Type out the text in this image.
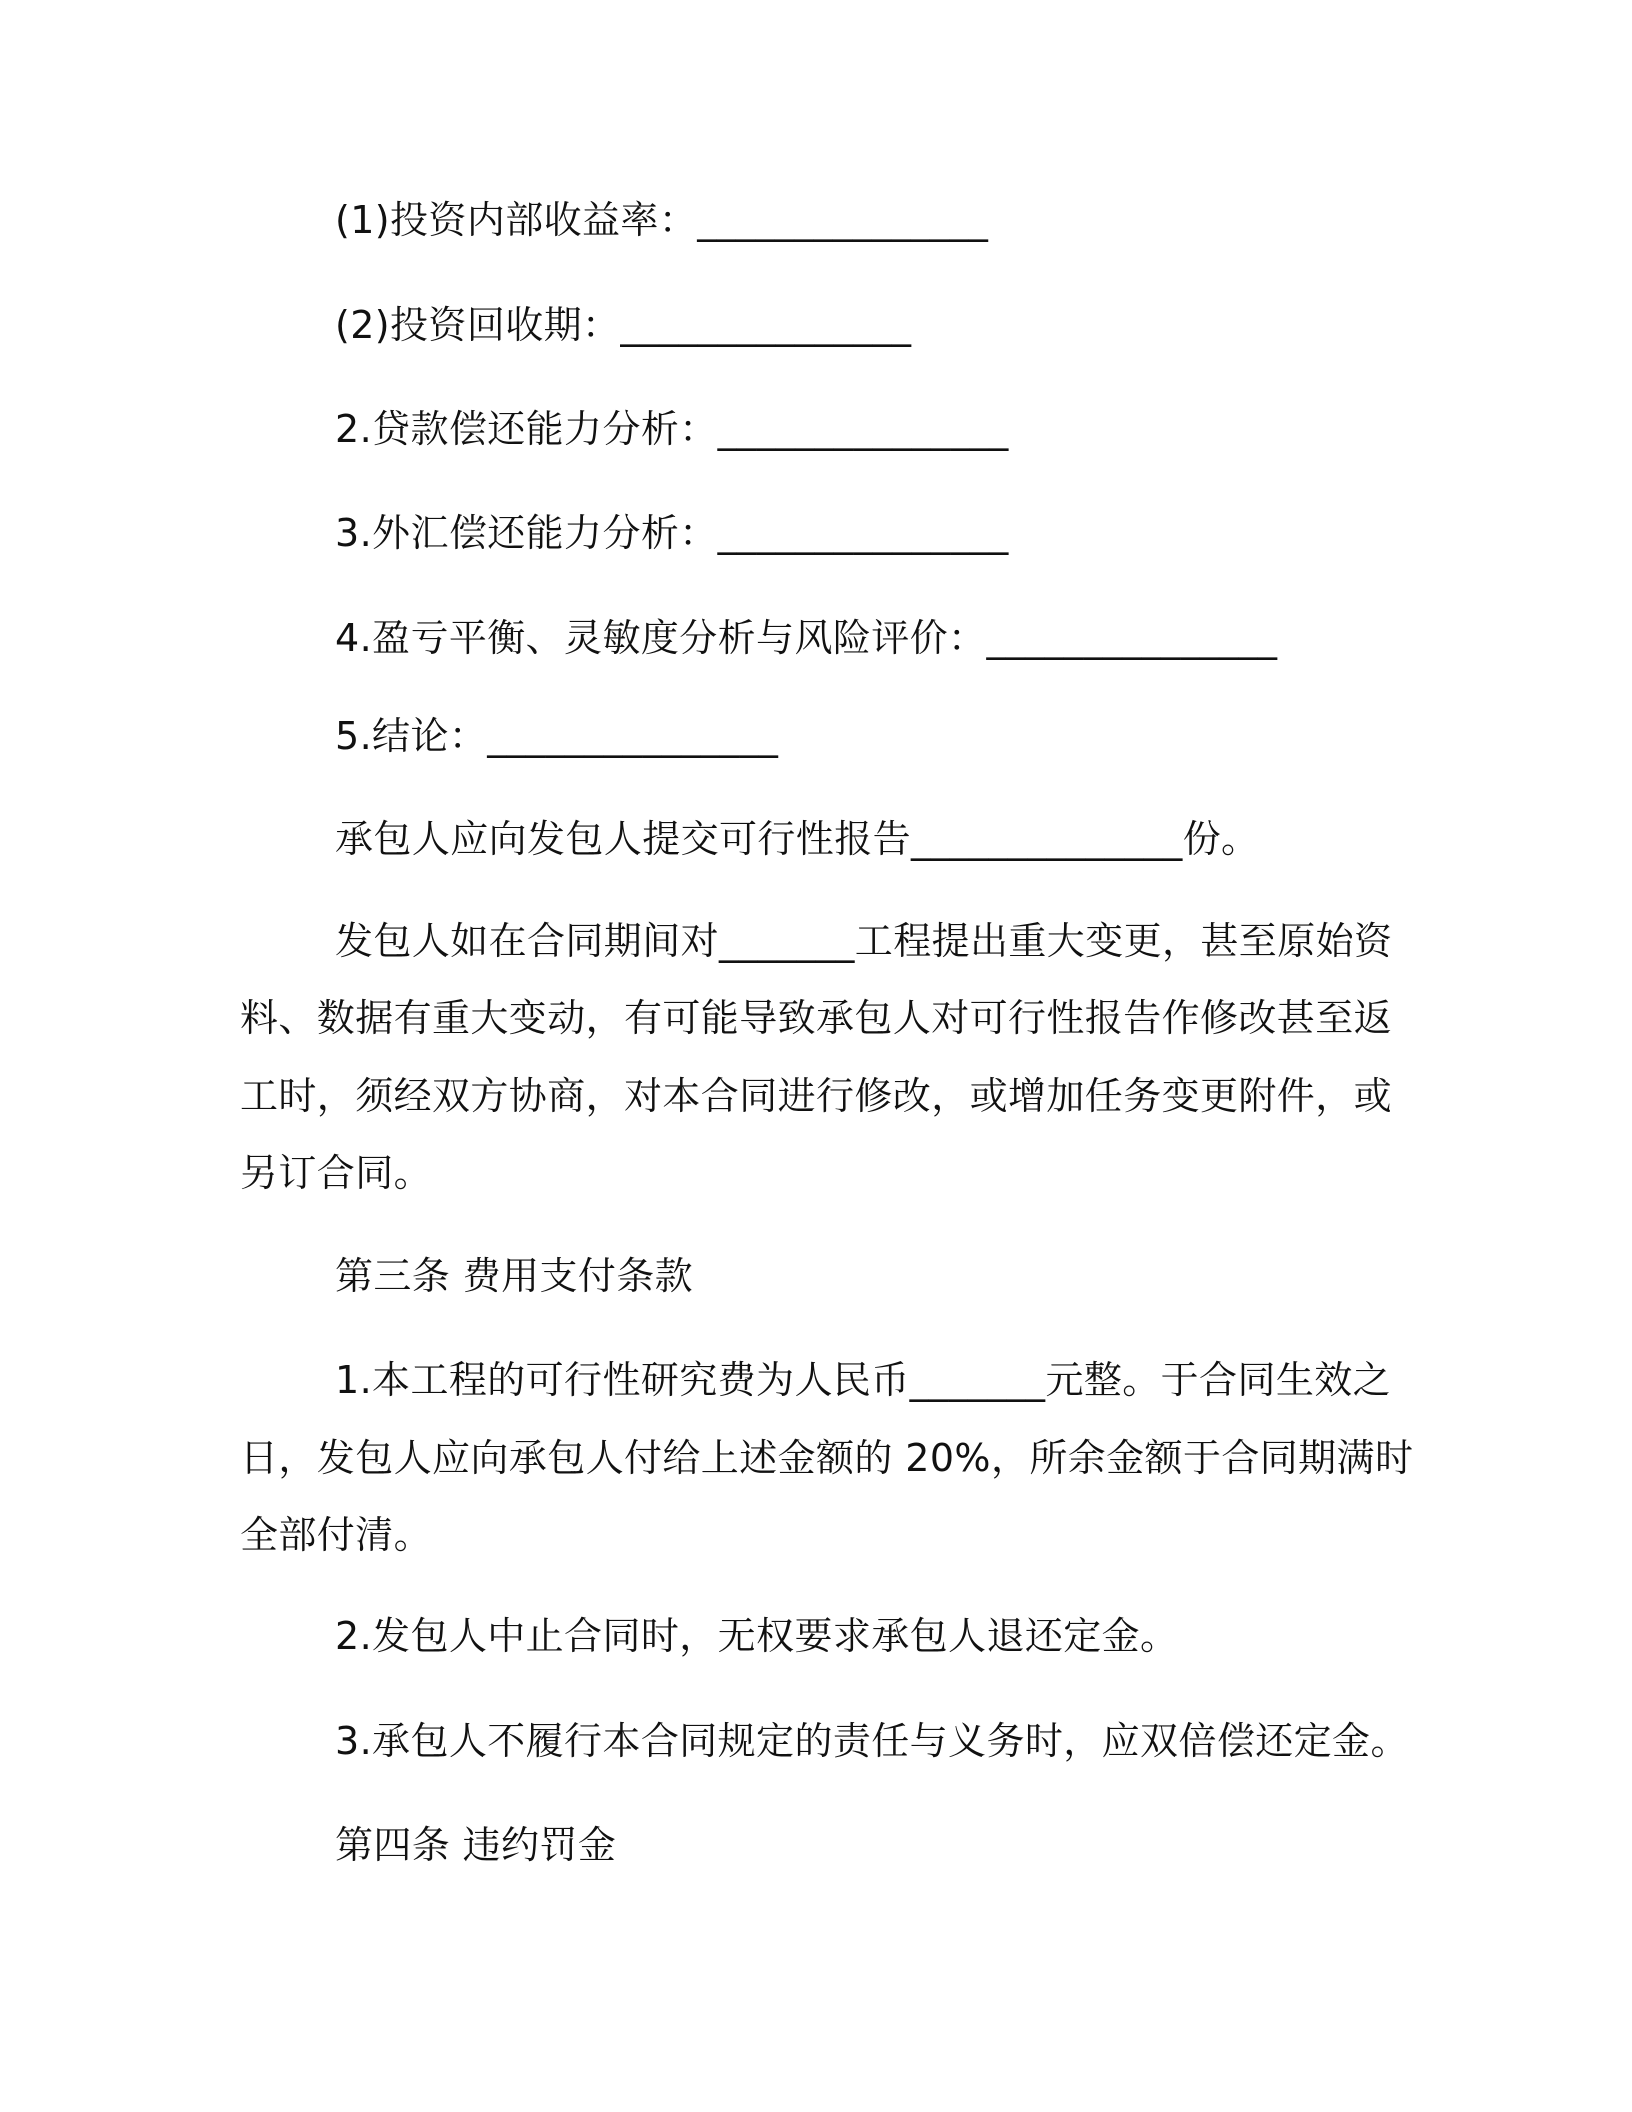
(1)投资内部收益率：_______________
(2)投资回收期：_______________
2.贷款偿还能力分析：_______________
3.外汇偿还能力分析：_______________
4.盈亏平衡、灵敏度分析与风险评价：_______________
5.结论：_______________
承包人应向发包人提交可行性报告______________份。
发包人如在合同期间对_______工程提出重大变更，甚至原始资
料、数据有重大变动，有可能导致承包人对可行性报告作修改甚至返
工时，须经双方协商，对本合同进行修改，或增加任务变更附件，或
另订合同。
第三条 费用支付条款
1.本工程的可行性研究费为人民币_______元整。于合同生效之
日，发包人应向承包人付给上述金额的 20%，所余金额于合同期满时
全部付清。
2.发包人中止合同时，无权要求承包人退还定金。
3.承包人不履行本合同规定的责任与义务时，应双倍偿还定金。
第四条 违约罚金
